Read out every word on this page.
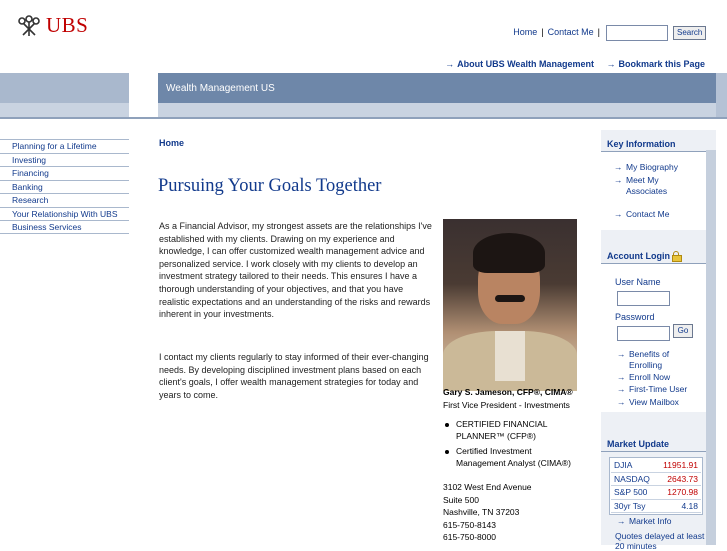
UBS	Home | Contact Me |	Search
→ About UBS Wealth Management → Bookmark this Page
Wealth Management US
Planning for a Lifetime
Investing
Financing
Banking
Research
Your Relationship With UBS
Business Services
Home
Pursuing Your Goals Together
As a Financial Advisor, my strongest assets are the relationships I've established with my clients. Drawing on my experience and knowledge, I can offer customized wealth management advice and personalized service. I work closely with my clients to develop an investment strategy tailored to their needs. This ensures I have a thorough understanding of your objectives, and that you have realistic expectations and an understanding of the risks and rewards inherent in your investments.
I contact my clients regularly to stay informed of their ever-changing needs. By developing disciplined investment plans based on each client's goals, I offer wealth management strategies for today and years to come.	Gary S. Jameson, CFP®, CIMA®
First Vice President - Investments
CERTIFIED FINANCIAL PLANNER™ (CFP®)
Certified Investment Management Analyst (CIMA®)
3102 West End Avenue
Suite 500
Nashville, TN 37203
615-750-8143
615-750-8000
Key Information
→ My Biography
→ Meet My Associates
→ Contact Me
Account Login
User Name
Password
Go
→ Benefits of Enrolling
→ Enroll Now
→ First-Time User
→ View Mailbox
Market Update
DJIA	11951.91
NASDAQ 2643.73
S&P 500 1270.98
30yr Tsy	4.18
→ Market Info
Quotes delayed at least 20 minutes
